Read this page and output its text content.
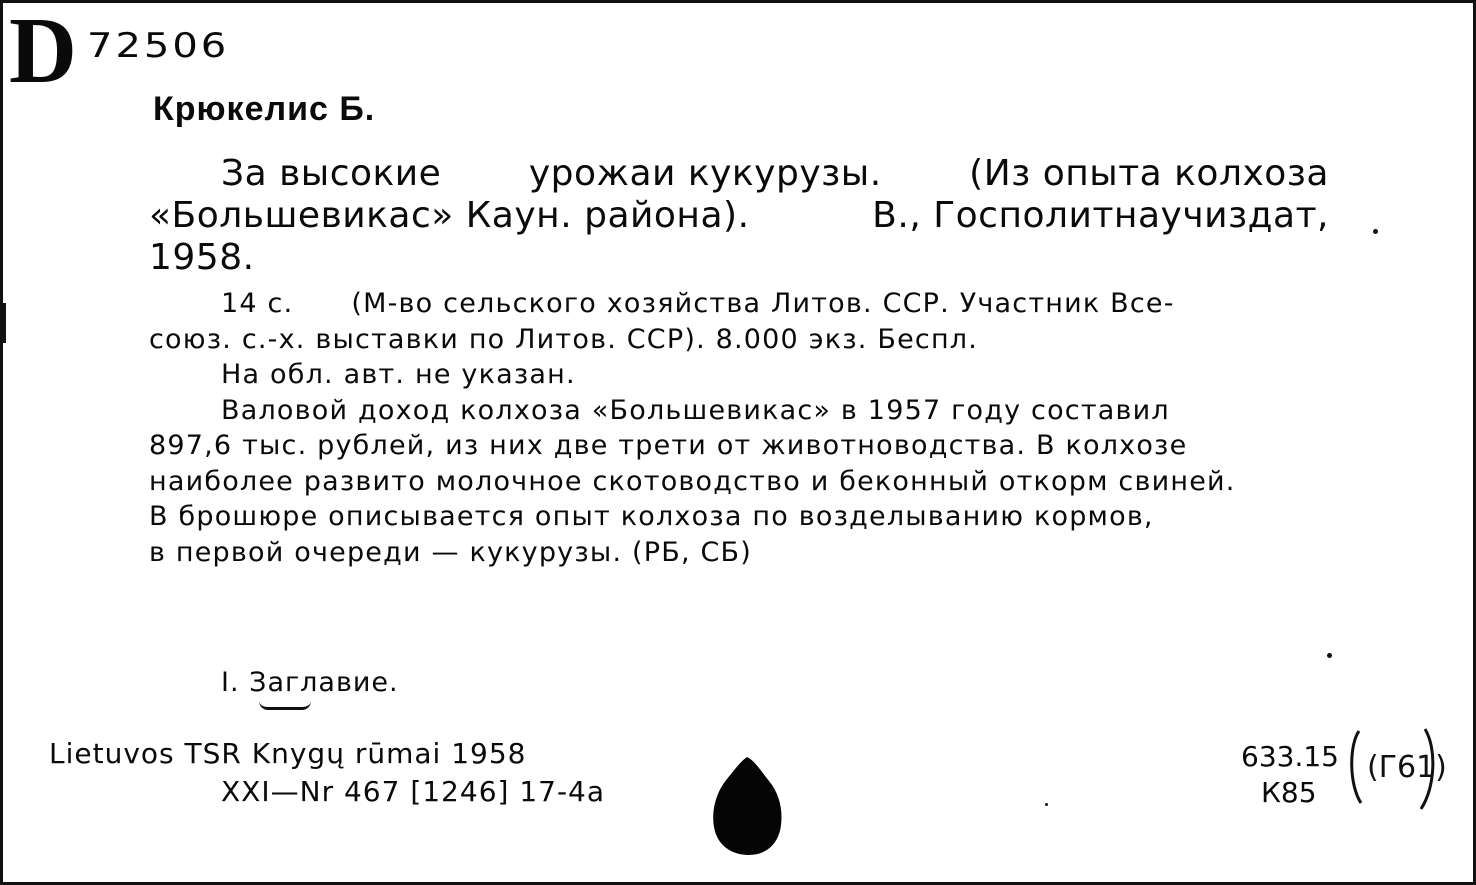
D 72506
Крюкелис Б.
За высокие урожаи кукурузы. (Из опыта колхоза
«Большевикас» Каун. района).	В., Госполитнаучиздат,
1958.
14 с.	(М-во сельского хозяйства Литов. ССР. Участник Все-
союз. с.-х. выставки по Литов. ССР). 8.000 экз. Беспл.
На обл. авт. не указан.
Валовой доход колхоза «Большевикас» в 1957 году составил
897,6 тыс. рублей, из них две трети от животноводства. В колхозе
наиболее развито молочное скотоводство и беконный откорм свиней.
В брошюре описывается опыт колхоза по возделыванию кормов,
в первой очереди — кукурузы. (РБ, СБ)
I. Заглавие.
Lietuvos TSR Knygų rūmai 1958
XXI—Nr 467 [1246] 17-4a
633.15
К85
(Г61)
